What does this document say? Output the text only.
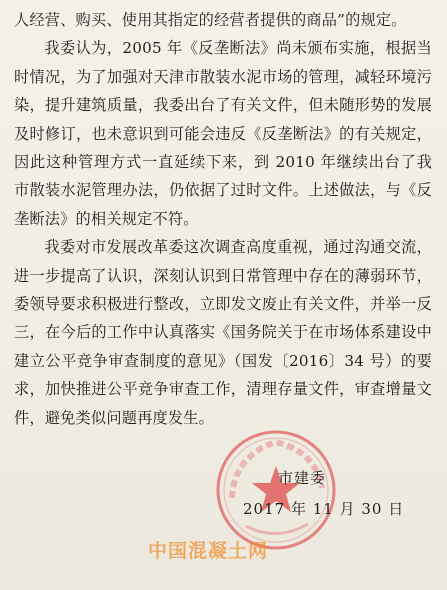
人经营、购买、使用其指定的经营者提供的商品”的规定。

我委认为，2005 年《反垄断法》尚未颁布实施，根据当时情况，为了加强对天津市散装水泥市场的管理，减轻环境污染，提升建筑质量，我委出台了有关文件，但未随形势的发展及时修订，也未意识到可能会违反《反垄断法》的有关规定，因此这种管理方式一直延续下来，到 2010 年继续出台了我市散装水泥管理办法，仍依据了过时文件。上述做法，与《反垄断法》的相关规定不符。

我委对市发展改革委这次调查高度重视，通过沟通交流，进一步提高了认识，深刻认识到日常管理中存在的薄弱环节，委领导要求积极进行整改，立即发文废止有关文件，并举一反三，在今后的工作中认真落实《国务院关于在市场体系建设中建立公平竞争审查制度的意见》（国发〔2016〕34 号）的要求，加快推进公平竞争审查工作，清理存量文件，审查增量文件，避免类似问题再度发生。

市建委
2017 年 11 月 30 日
中国混凝土网
